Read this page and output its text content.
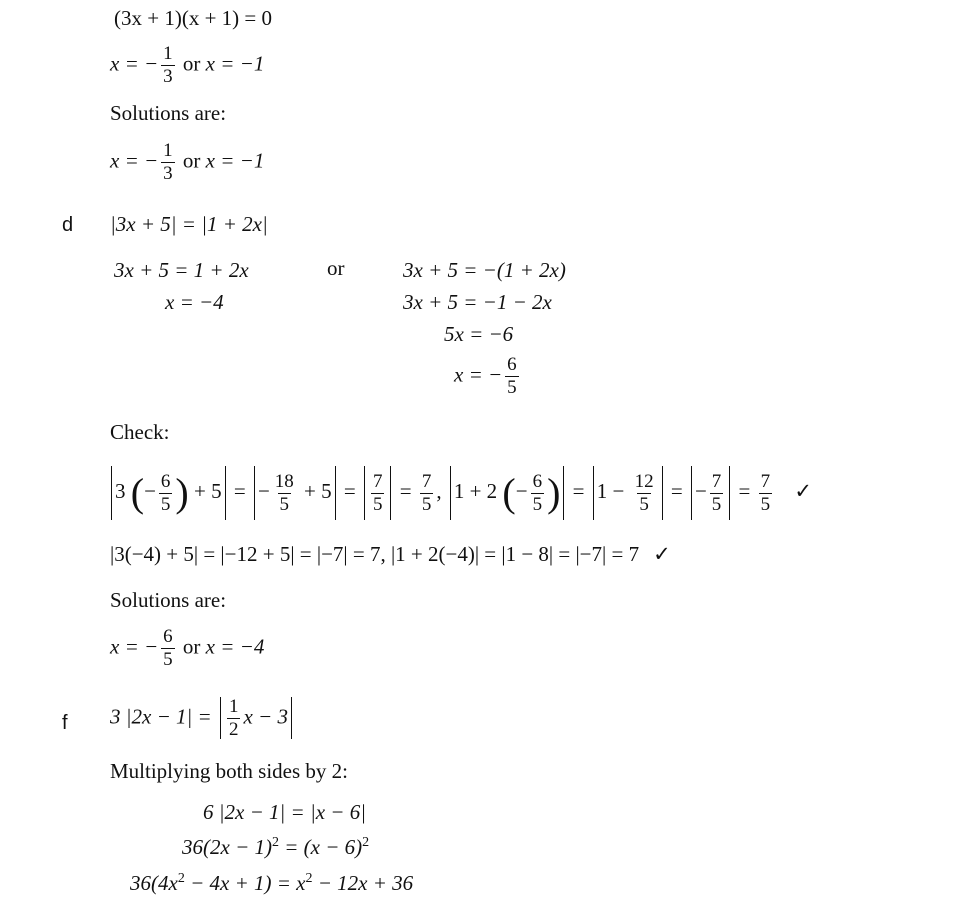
(3x + 1)(x + 1) = 0
x = − $\frac{1}{3}$ or x = −1
Solutions are:
x = − $\frac{1}{3}$ or x = −1
d |3x + 5| = |1 + 2x|
3x + 5 = 1 + 2x
x = −4
or	3x + 5 = −(1 + 2x)
3x + 5 = −1 − 2x
5x = −6
x = − $\frac{6}{5}$
Check:
3 (− $\frac{6}{5}$ ) + 5 = − $\frac{18}{5} + 5 = \frac{7}{5} = \frac{7}{5}$ , 1 + 2 (− $\frac{6}{5}$ ) = $1 - \frac{12}{5}$ = − $\frac{7}{5} = \frac{7}{5}$ ✓
|3(−4) + 5| = |−12 + 5| = |−7| = 7, |1 + 2(−4)| = |1 − 8| = |−7| = 7 ✓
Solutions are:
x = − $\frac{6}{5}$ or x = −4
f 3 $|2x - 1| = \frac{1}{2}$ x − 3
Multiplying both sides by 2:
6 |2x − 1| = |x − 6|
$36(2x - 1)^2 = (x - 6)^2$
$36(4x^2 - 4x + 1) = x^2 - 12x + 36$
